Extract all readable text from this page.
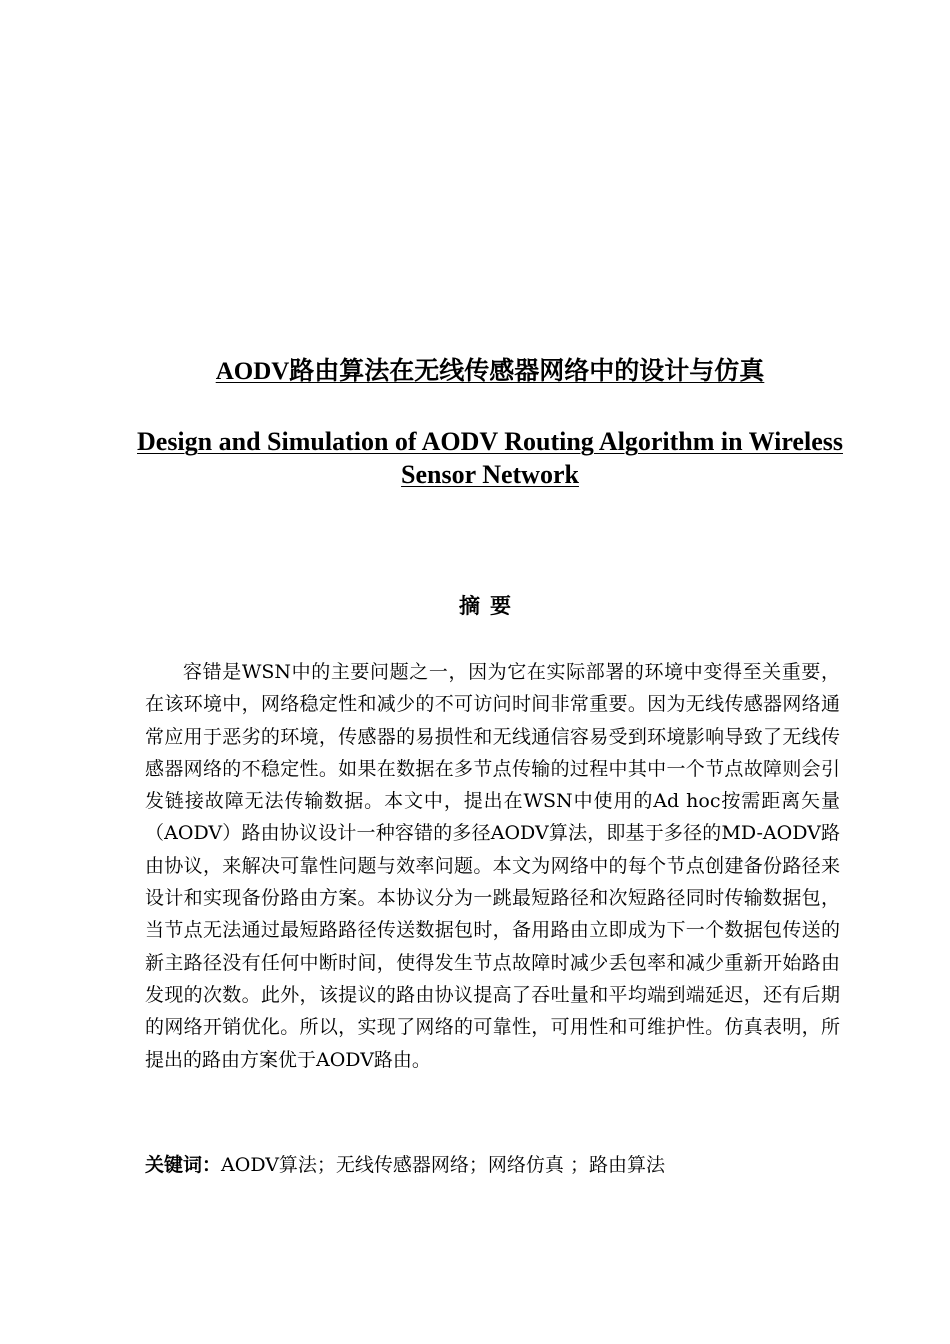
AODV路由算法在无线传感器网络中的设计与仿真
Design and Simulation of AODV Routing Algorithm in Wireless Sensor Network
摘要

容错是WSN中的主要问题之一，因为它在实际部署的环境中变得至关重要，在该环境中，网络稳定性和减少的不可访问时间非常重要。因为无线传感器网络通常应用于恶劣的环境，传感器的易损性和无线通信容易受到环境影响导致了无线传感器网络的不稳定性。如果在数据在多节点传输的过程中其中一个节点故障则会引发链接故障无法传输数据。本文中，提出在WSN中使用的Ad hoc按需距离矢量（AODV）路由协议设计一种容错的多径AODV算法，即基于多径的MD-AODV路由协议，来解决可靠性问题与效率问题。本文为网络中的每个节点创建备份路径来设计和实现备份路由方案。本协议分为一跳最短路径和次短路径同时传输数据包，当节点无法通过最短路路径传送数据包时，备用路由立即成为下一个数据包传送的新主路径没有任何中断时间，使得发生节点故障时减少丢包率和减少重新开始路由发现的次数。此外，该提议的路由协议提高了吞吐量和平均端到端延迟，还有后期的网络开销优化。所以，实现了网络的可靠性，可用性和可维护性。仿真表明，所提出的路由方案优于AODV路由。

关键词：AODV算法；无线传感器网络；网络仿真 ；路由算法
